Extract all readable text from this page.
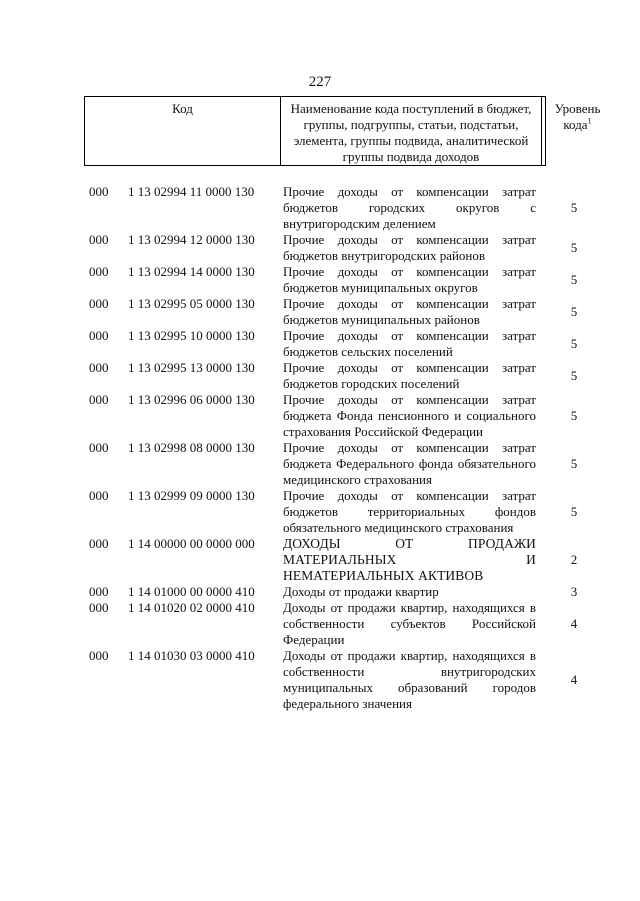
227
Код	Наименование кода поступлений в бюджет, группы, подгруппы, статьи, подстатьи, элемента, группы подвида, аналитической группы подвида доходов
Уровень кода$^1$
000 1 13 02994 11 0000 130 Прочие доходы от компенсации затрат бюджетов городских округов с внутригородским делением
5
000 1 13 02994 12 0000 130 Прочие доходы от компенсации затрат бюджетов внутригородских районов
5
000 1 13 02994 14 0000 130 Прочие доходы от компенсации затрат бюджетов муниципальных округов
5
000 1 13 02995 05 0000 130 Прочие доходы от компенсации затрат бюджетов муниципальных районов
5
000 1 13 02995 10 0000 130 Прочие доходы от компенсации затрат бюджетов сельских поселений
5
000 1 13 02995 13 0000 130 Прочие доходы от компенсации затрат бюджетов городских поселений
5
000 1 13 02996 06 0000 130 Прочие доходы от компенсации затрат бюджета Фонда пенсионного и социального страхования Российской Федерации
5
000 1 13 02998 08 0000 130 Прочие доходы от компенсации затрат бюджета Федерального фонда обязательного медицинского страхования
5
000 1 13 02999 09 0000 130 Прочие доходы от компенсации затрат бюджетов территориальных фондов обязательного медицинского страхования
5
000 1 14 00000 00 0000 000 ДОХОДЫ ОТ ПРОДАЖИ МАТЕРИАЛЬНЫХ И НЕМАТЕРИАЛЬНЫХ АКТИВОВ
2
000 1 14 01000 00 0000 410 Доходы от продажи квартир	3
000 1 14 01020 02 0000 410 Доходы от продажи квартир, находящихся в собственности субъектов Российской Федерации
4
000 1 14 01030 03 0000 410 Доходы от продажи квартир, находящихся в собственности внутригородских муниципальных образований городов федерального значения
4
